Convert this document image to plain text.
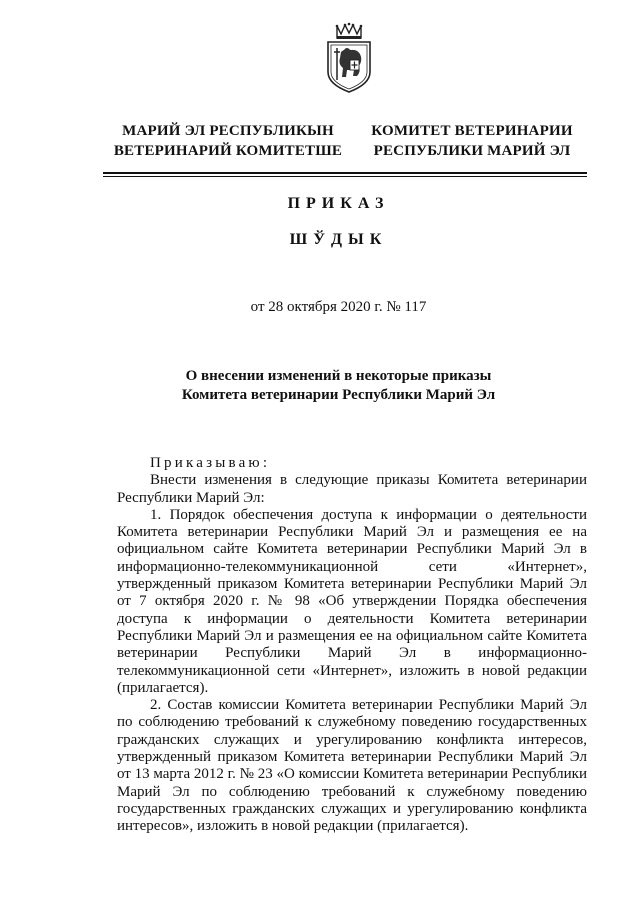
МАРИЙ ЭЛ РЕСПУБЛИКЫН
ВЕТЕРИНАРИЙ КОМИТЕТШЕ
КОМИТЕТ ВЕТЕРИНАРИИ
РЕСПУБЛИКИ МАРИЙ ЭЛ
ПРИКАЗ
ШЎДЫК
от 28 октября 2020 г. № 117
О внесении изменений в некоторые приказы
Комитета ветеринарии Республики Марий Эл

Приказываю:

Внести изменения в следующие приказы Комитета ветеринарии Республики Марий Эл:

1. Порядок обеспечения доступа к информации о деятельности Комитета ветеринарии Республики Марий Эл и размещения ее на официальном сайте Комитета ветеринарии Республики Марий Эл в информационно-телекоммуникационной сети «Интернет», утвержденный приказом Комитета ветеринарии Республики Марий Эл от 7 октября 2020 г. № 98 «Об утверждении Порядка обеспечения доступа к информации о деятельности Комитета ветеринарии Республики Марий Эл и размещения ее на официальном сайте Комитета ветеринарии Республики Марий Эл в информационно-телекоммуникационной сети «Интернет», изложить в новой редакции (прилагается).

2. Состав комиссии Комитета ветеринарии Республики Марий Эл по соблюдению требований к служебному поведению государственных гражданских служащих и урегулированию конфликта интересов, утвержденный приказом Комитета ветеринарии Республики Марий Эл от 13 марта 2012 г. № 23 «О комиссии Комитета ветеринарии Республики Марий Эл по соблюдению требований к служебному поведению государственных гражданских служащих и урегулированию конфликта интересов», изложить в новой редакции (прилагается).
